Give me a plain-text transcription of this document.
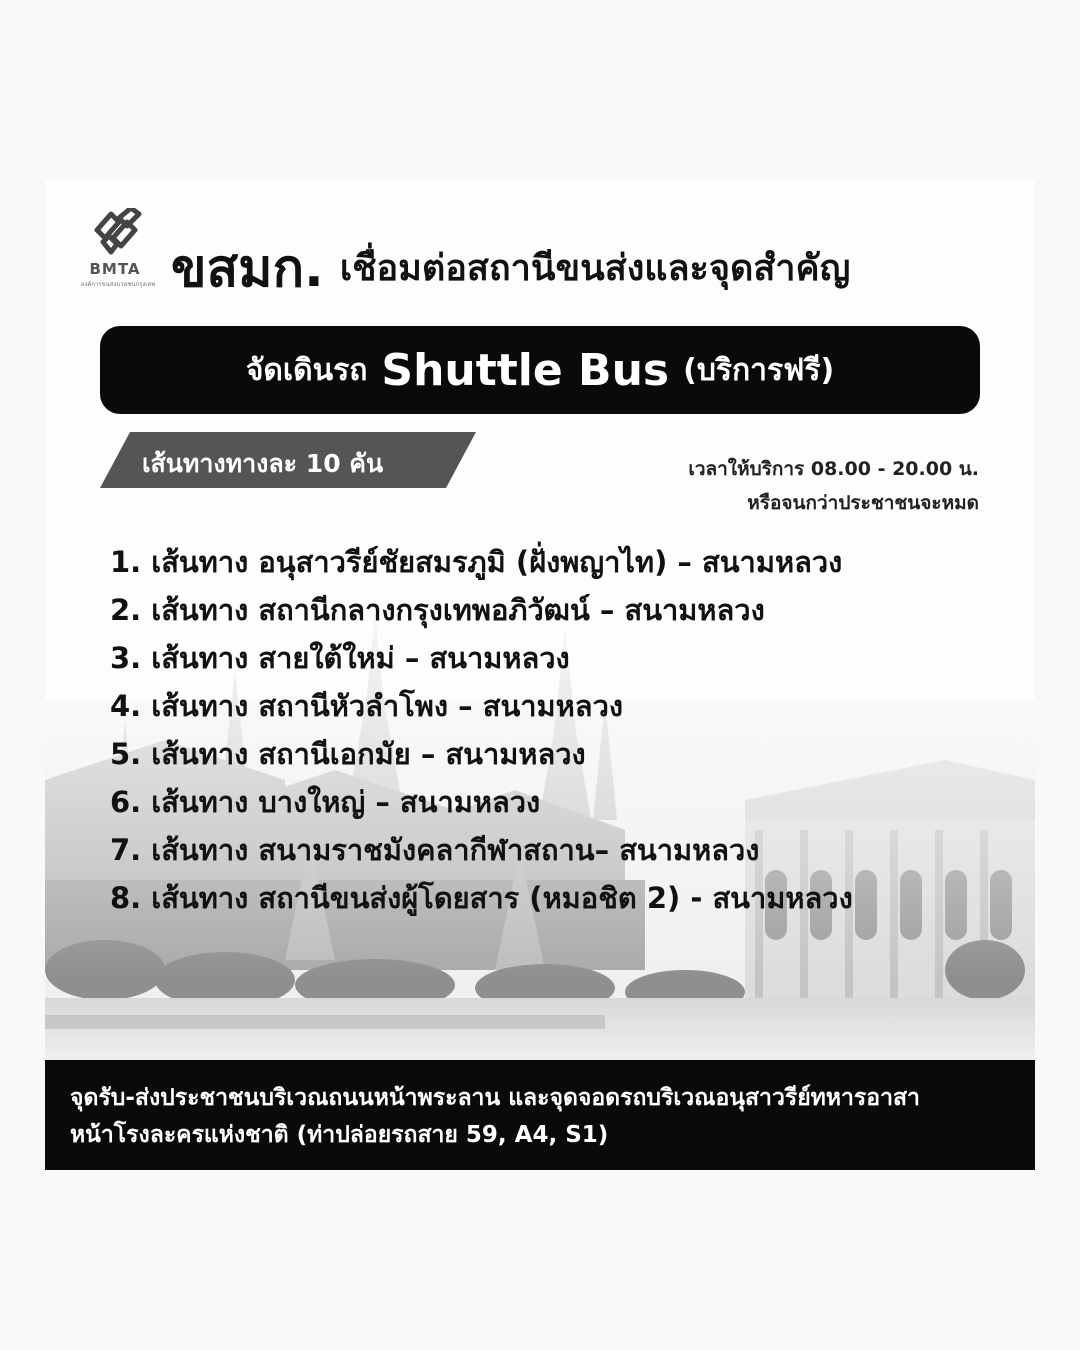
BMTA
องค์การขนส่งมวลชนกรุงเทพ ขสมก. เชื่อมต่อสถานีขนส่งและจุดสำคัญ
จัดเดินรถ Shuttle Bus (บริการฟรี)
เส้นทางทางละ 10 คัน	เวลาให้บริการ 08.00 - 20.00 น.
หรือจนกว่าประชาชนจะหมด
1. เส้นทาง อนุสาวรีย์ชัยสมรภูมิ (ฝั่งพญาไท) – สนามหลวง
2. เส้นทาง สถานีกลางกรุงเทพอภิวัฒน์ – สนามหลวง
3. เส้นทาง สายใต้ใหม่ – สนามหลวง
4. เส้นทาง สถานีหัวลำโพง – สนามหลวง
5. เส้นทาง สถานีเอกมัย – สนามหลวง
6. เส้นทาง บางใหญ่ – สนามหลวง
7. เส้นทาง สนามราชมังคลากีฬาสถาน– สนามหลวง
8. เส้นทาง สถานีขนส่งผู้โดยสาร (หมอชิต 2) - สนามหลวง
จุดรับ-ส่งประชาชนบริเวณถนนหน้าพระลาน และจุดจอดรถบริเวณอนุสาวรีย์ทหารอาสา
หน้าโรงละครแห่งชาติ (ท่าปล่อยรถสาย 59, A4, S1)
